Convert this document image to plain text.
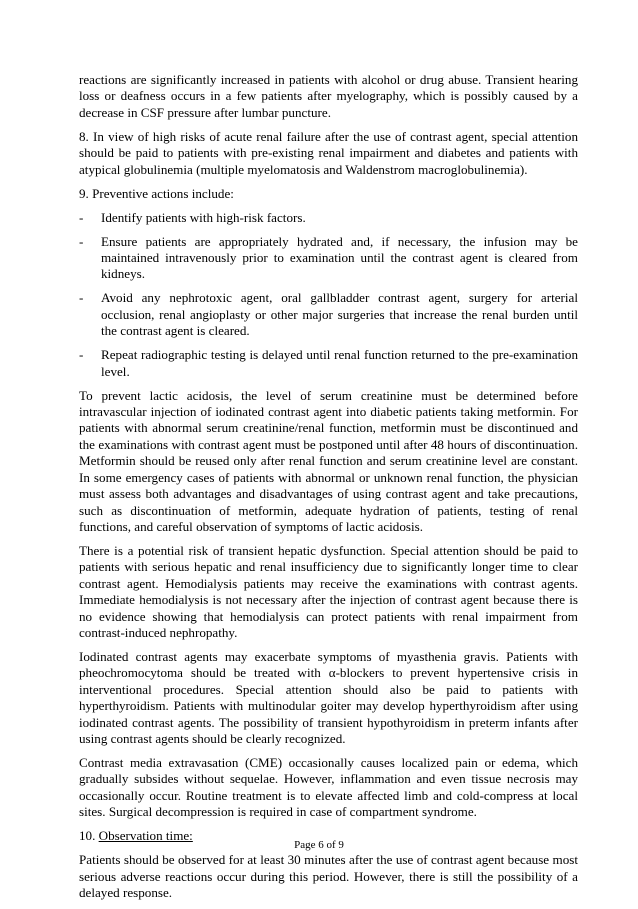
reactions are significantly increased in patients with alcohol or drug abuse. Transient hearing loss or deafness occurs in a few patients after myelography, which is possibly caused by a decrease in CSF pressure after lumbar puncture.

8. In view of high risks of acute renal failure after the use of contrast agent, special attention should be paid to patients with pre-existing renal impairment and diabetes and patients with atypical globulinemia (multiple myelomatosis and Waldenstrom macroglobulinemia).

9. Preventive actions include:

- Identify patients with high-risk factors.
- Ensure patients are appropriately hydrated and, if necessary, the infusion may be maintained intravenously prior to examination until the contrast agent is cleared from kidneys.
- Avoid any nephrotoxic agent, oral gallbladder contrast agent, surgery for arterial occlusion, renal angioplasty or other major surgeries that increase the renal burden until the contrast agent is cleared.
- Repeat radiographic testing is delayed until renal function returned to the pre-examination level.

To prevent lactic acidosis, the level of serum creatinine must be determined before intravascular injection of iodinated contrast agent into diabetic patients taking metformin. For patients with abnormal serum creatinine/renal function, metformin must be discontinued and the examinations with contrast agent must be postponed until after 48 hours of discontinuation. Metformin should be reused only after renal function and serum creatinine level are constant. In some emergency cases of patients with abnormal or unknown renal function, the physician must assess both advantages and disadvantages of using contrast agent and take precautions, such as discontinuation of metformin, adequate hydration of patients, testing of renal functions, and careful observation of symptoms of lactic acidosis.

There is a potential risk of transient hepatic dysfunction. Special attention should be paid to patients with serious hepatic and renal insufficiency due to significantly longer time to clear contrast agent. Hemodialysis patients may receive the examinations with contrast agents. Immediate hemodialysis is not necessary after the injection of contrast agent because there is no evidence showing that hemodialysis can protect patients with renal impairment from contrast-induced nephropathy.

Iodinated contrast agents may exacerbate symptoms of myasthenia gravis. Patients with pheochromocytoma should be treated with α-blockers to prevent hypertensive crisis in interventional procedures. Special attention should also be paid to patients with hyperthyroidism. Patients with multinodular goiter may develop hyperthyroidism after using iodinated contrast agents. The possibility of transient hypothyroidism in preterm infants after using contrast agents should be clearly recognized.

Contrast media extravasation (CME) occasionally causes localized pain or edema, which gradually subsides without sequelae. However, inflammation and even tissue necrosis may occasionally occur. Routine treatment is to elevate affected limb and cold-compress at local sites. Surgical decompression is required in case of compartment syndrome.

10. Observation time:

Patients should be observed for at least 30 minutes after the use of contrast agent because most serious adverse reactions occur during this period. However, there is still the possibility of a delayed response.

Page 6 of 9
